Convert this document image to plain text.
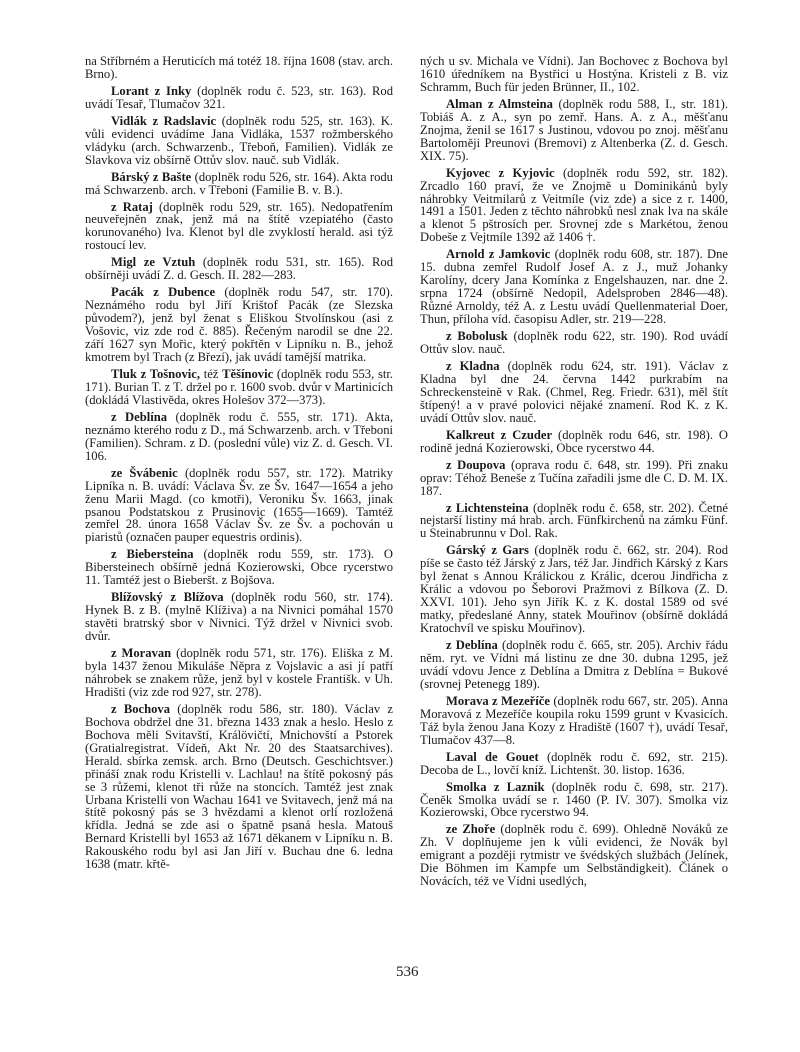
na Stříbrném a Heruticích má totéž 18. října 1608 (stav. arch. Brno).

Lorant z Inky (doplněk rodu č. 523, str. 163). Rod uvádí Tesař, Tlumačov 321.

Vidlák z Radslavic (doplněk rodu 525, str. 163). K. vůli evidenci uvádíme Jana Vidláka, 1537 rožmberského vládyku (arch. Schwarzenb., Třeboň, Familien). Vidlák ze Slavkova viz obšírně Ottův slov. nauč. sub Vidlák.

Bárský z Bašte (doplněk rodu 526, str. 164). Akta rodu má Schwarzenb. arch. v Třeboni (Familie B. v. B.).

z Rataj (doplněk rodu 529, str. 165). Nedopatřením neuveřejněn znak, jenž má na štítě vzepiatého (často korunovaného) lva. Klenot byl dle zvyklostí herald. asi týž rostoucí lev.

Migl ze Vztuh (doplněk rodu 531, str. 165). Rod obšírněji uvádí Z. d. Gesch. II. 282—283.

Pacák z Dubence (doplněk rodu 547, str. 170). Neznámého rodu byl Jiří Krištof Pacák (ze Slezska původem?), jenž byl ženat s Eliškou Stvolínskou (asi z Vošovic, viz zde rod č. 885). Řečeným narodil se dne 22. září 1627 syn Mořic, který pokřtěn v Lipníku n. B., jehož kmotrem byl Trach (z Březí), jak uvádí tamější matrika.

Tluk z Tošnovic, též Těšínovic (doplněk rodu 553, str. 171). Burian T. z T. držel po r. 1600 svob. dvůr v Martinicích (dokládá Vlastivěda, okres Holešov 372—373).

z Deblína (doplněk rodu č. 555, str. 171). Akta, neznámo kterého rodu z D., má Schwarzenb. arch. v Třeboni (Familien). Schram. z D. (poslední vůle) viz Z. d. Gesch. VI. 106.

ze Švábenic (doplněk rodu 557, str. 172). Matriky Lipníka n. B. uvádí: Václava Šv. ze Šv. 1647—1654 a jeho ženu Marii Magd. (co kmotři), Veroniku Šv. 1663, jinak psanou Podstatskou z Prusinovic (1655—1669). Tamtéž zemřel 28. února 1658 Václav Šv. ze Šv. a pochován u piaristů (označen pauper equestris ordinis).

z Biebersteina (doplněk rodu 559, str. 173). O Bibersteinech obšírně jedná Kozierowski, Obce rycerstwo 11. Tamtéž jest o Bieberšt. z Bojšova.

Blížovský z Blížova (doplněk rodu 560, str. 174). Hynek B. z B. (mylně Klíživa) a na Nivnici pomáhal 1570 stavěti bratrský sbor v Nivnici. Týž držel v Nivnici svob. dvůr.

z Moravan (doplněk rodu 571, str. 176). Eliška z M. byla 1437 ženou Mikuláše Něpra z Vojslavic a asi jí patří náhrobek se znakem růže, jenž byl v kostele Františk. v Uh. Hradišti (viz zde rod 927, str. 278).

z Bochova (doplněk rodu 586, str. 180). Václav z Bochova obdržel dne 31. března 1433 znak a heslo. Heslo z Bochova měli Svitavští, Králövičtí, Mnichovští a Pstorek (Gratialregistrat. Vídeň, Akt Nr. 20 des Staatsarchives). Herald. sbírka zemsk. arch. Brno (Deutsch. Geschichtsver.) přináší znak rodu Kristelli v. Lachlau! na štítě pokosný pás se 3 růžemi, klenot tři růže na stoncích. Tamtéž jest znak Urbana Kristelli von Wachau 1641 ve Svitavech, jenž má na štítě pokosný pás se 3 hvězdami a klenot orlí rozložená křídla. Jedná se zde asi o špatně psaná hesla. Matouš Bernard Kristelli byl 1653 až 1671 děkanem v Lipníku n. B. Rakouského rodu byl asi Jan Jiří v. Buchau dne 6. ledna 1638 (matr. křtě-

ných u sv. Michala ve Vídni). Jan Bochovec z Bochova byl 1610 úředníkem na Bystřici u Hostýna. Kristeli z B. viz Schramm, Buch für jeden Brünner, II., 102.

Alman z Almsteina (doplněk rodu 588, I., str. 181). Tobiáš A. z A., syn po zemř. Hans. A. z A., měšťanu Znojma, ženil se 1617 s Justinou, vdovou po znoj. měšťanu Bartoloměji Preunovi (Bremovi) z Altenberka (Z. d. Gesch. XIX. 75).

Kyjovec z Kyjovic (doplněk rodu 592, str. 182). Zrcadlo 160 praví, že ve Znojmě u Dominikánů byly náhrobky Veitmilarů z Veitmíle (viz zde) a sice z r. 1400, 1491 a 1501. Jeden z těchto náhrobků nesl znak lva na skále a klenot 5 pštrosích per. Srovnej zde s Markétou, ženou Dobeše z Vejtmíle 1392 až 1406 †.

Arnold z Jamkovic (doplněk rodu 608, str. 187). Dne 15. dubna zemřel Rudolf Josef A. z J., muž Johanky Karolíny, dcery Jana Komínka z Engelshauzen, nar. dne 2. srpna 1724 (obšírně Nedopil, Adelsproben 2846—48). Různé Arnoldy, též A. z Lestu uvádí Quellenmaterial Doer, Thun, příloha víd. časopisu Adler, str. 219—228.

z Bobolusk (doplněk rodu 622, str. 190). Rod uvádí Ottův slov. nauč.

z Kladna (doplněk rodu 624, str. 191). Václav z Kladna byl dne 24. června 1442 purkrabím na Schreckensteině v Rak. (Chmel, Reg. Friedr. 631), měl štít štípený! a v pravé polovici nějaké znamení. Rod K. z K. uvádí Ottův slov. nauč.

Kalkreut z Czuder (doplněk rodu 646, str. 198). O rodině jedná Kozierowski, Obce rycerstwo 44.

z Doupova (oprava rodu č. 648, str. 199). Při znaku oprav: Téhož Beneše z Tučína zařadili jsme dle C. D. M. IX. 187.

z Lichtensteina (doplněk rodu č. 658, str. 202). Četné nejstarší listiny má hrab. arch. Fünfkirchenů na zámku Fünf. u Steinabrunnu v Dol. Rak.

Gárský z Gars (doplněk rodu č. 662, str. 204). Rod píše se často též Járský z Jars, též Jar. Jindřich Kárský z Kars byl ženat s Annou Králickou z Králic, dcerou Jindřicha z Králic a vdovou po Šeborovi Pražmovi z Bílkova (Z. D. XXVI. 101). Jeho syn Jiřík K. z K. dostal 1589 od své matky, předeslané Anny, statek Mouřinov (obšírně dokládá Kratochvíl ve spisku Mouřinov).

z Deblína (doplněk rodu č. 665, str. 205). Archiv řádu něm. ryt. ve Vídni má listinu ze dne 30. dubna 1295, jež uvádí vdovu Jence z Deblína a Dmitra z Deblína = Bukové (srovnej Petenegg 189).

Morava z Mezeříče (doplněk rodu 667, str. 205). Anna Moravová z Mezeříče koupila roku 1599 grunt v Kvasicích. Táž byla ženou Jana Kozy z Hradiště (1607 †), uvádí Tesař, Tlumačov 437—8.

Laval de Gouet (doplněk rodu č. 692, str. 215). Decoba de L., lovčí kníž. Lichtenšt. 30. listop. 1636.

Smolka z Laznik (doplněk rodu č. 698, str. 217). Čeněk Smolka uvádí se r. 1460 (P. IV. 307). Smolka viz Kozierowski, Obce rycerstwo 94.

ze Zhoře (doplněk rodu č. 699). Ohledně Nováků ze Zh. V doplňujeme jen k vůli evidenci, že Novák byl emigrant a později rytmistr ve švédských službách (Jelínek, Die Böhmen im Kampfe um Selbständigkeit). Článek o Novácích, též ve Vídni usedlých,

536
